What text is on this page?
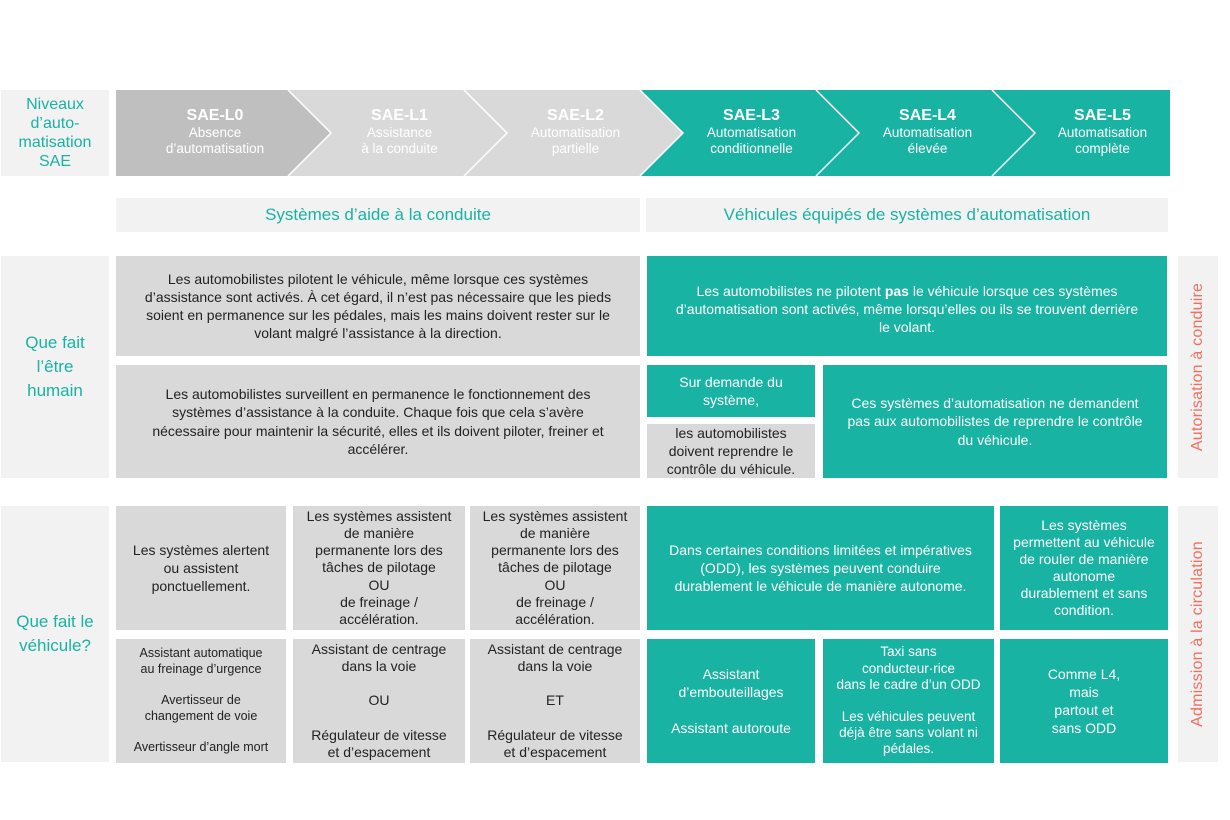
Niveaux
d’auto-
matisation
SAE
SAE-L0
Absence
d’automatisation
SAE-L1
Assistance
à la conduite
SAE-L2
Automatisation
partielle
SAE-L3
Automatisation
conditionnelle
SAE-L4
Automatisation
élevée
SAE-L5
Automatisation
complète
Systèmes d’aide à la conduite	Véhicules équipés de systèmes d’automatisation
Que fait
l’être
humain
Les automobilistes pilotent le véhicule, même lorsque ces systèmes
d’assistance sont activés. À cet égard, il n’est pas nécessaire que les pieds
soient en permanence sur les pédales, mais les mains doivent rester sur le
volant malgré l’assistance à la direction.
Les automobilistes surveillent en permanence le fonctionnement des
systèmes d’assistance à la conduite. Chaque fois que cela s’avère
nécessaire pour maintenir la sécurité, elles et ils doivent piloter, freiner et
accélérer.
Les automobilistes ne pilotent pas le véhicule lorsque ces systèmes
d’automatisation sont activés, même lorsqu’elles ou ils se trouvent derrière
le volant.
Sur demande du
système,
les automobilistes
doivent reprendre le
contrôle du véhicule.
Ces systèmes d’automatisation ne demandent
pas aux automobilistes de reprendre le contrôle
du véhicule.	Autorisation à conduire
Que fait le
véhicule?
Les systèmes alertent
ou assistent
ponctuellement.
Les systèmes assistent
de manière
permanente lors des
tâches de pilotage
OU
de freinage /
accélération.
Les systèmes assistent
de manière
permanente lors des
tâches de pilotage
OU
de freinage /
accélération.
Dans certaines conditions limitées et impératives
(ODD), les systèmes peuvent conduire
durablement le véhicule de manière autonome.
Les systèmes
permettent au véhicule
de rouler de manière
autonome
durablement et sans
condition.
Assistant automatique
au freinage d’urgence

Avertisseur de
changement de voie

Avertisseur d’angle mort
Assistant de centrage
dans la voie

OU

Régulateur de vitesse
et d’espacement
Assistant de centrage
dans la voie

ET

Régulateur de vitesse
et d’espacement
Assistant
d’embouteillages

Assistant autoroute
Taxi sans
conducteur·rice
dans le cadre d’un ODD

Les véhicules peuvent
déjà être sans volant ni
pédales.
Comme L4,
mais
partout et
sans ODD
Admission à la circulation
